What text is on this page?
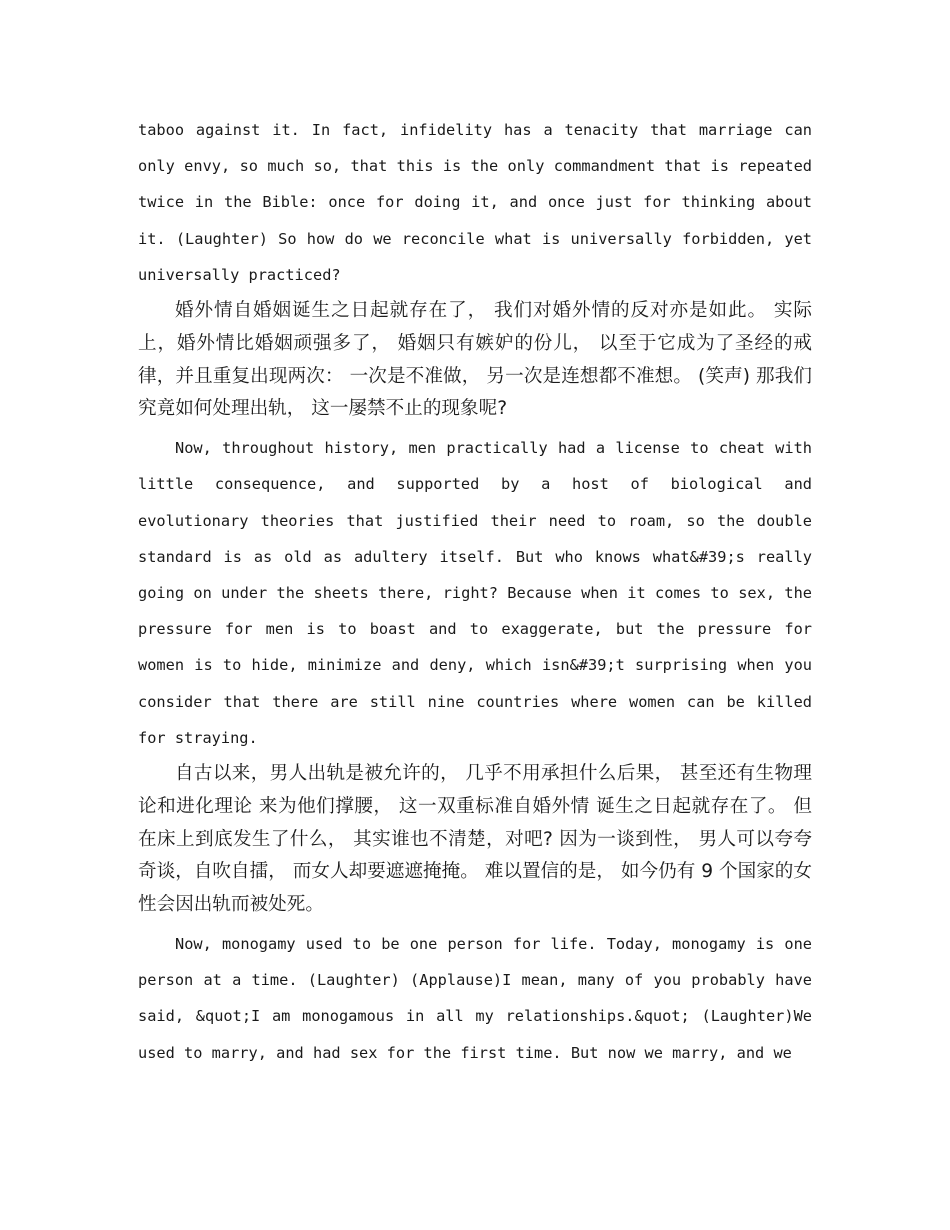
taboo against it. In fact, infidelity has a tenacity that marriage can only envy, so much so, that this is the only commandment that is repeated twice in the Bible: once for doing it, and once just for thinking about it. (Laughter) So how do we reconcile what is universally forbidden, yet universally practiced?

婚外情自婚姻诞生之日起就存在了， 我们对婚外情的反对亦是如此。 实际上，婚外情比婚姻顽强多了， 婚姻只有嫉妒的份儿， 以至于它成为了圣经的戒律，并且重复出现两次： 一次是不准做， 另一次是连想都不准想。 (笑声) 那我们究竟如何处理出轨， 这一屡禁不止的现象呢?

Now, throughout history, men practically had a license to cheat with little consequence, and supported by a host of biological and evolutionary theories that justified their need to roam, so the double standard is as old as adultery itself. But who knows what&#39;s really going on under the sheets there, right? Because when it comes to sex, the pressure for men is to boast and to exaggerate, but the pressure for women is to hide, minimize and deny, which isn&#39;t surprising when you consider that there are still nine countries where women can be killed for straying.

自古以来，男人出轨是被允许的， 几乎不用承担什么后果， 甚至还有生物理论和进化理论 来为他们撑腰， 这一双重标准自婚外情 诞生之日起就存在了。 但在床上到底发生了什么， 其实谁也不清楚，对吧? 因为一谈到性， 男人可以夸夸奇谈，自吹自擂， 而女人却要遮遮掩掩。 难以置信的是， 如今仍有 9 个国家的女性会因出轨而被处死。

Now, monogamy used to be one person for life. Today, monogamy is one person at a time. (Laughter) (Applause)I mean, many of you probably have said, &quot;I am monogamous in all my relationships.&quot; (Laughter)We used to marry, and had sex for the first time. But now we marry, and we
